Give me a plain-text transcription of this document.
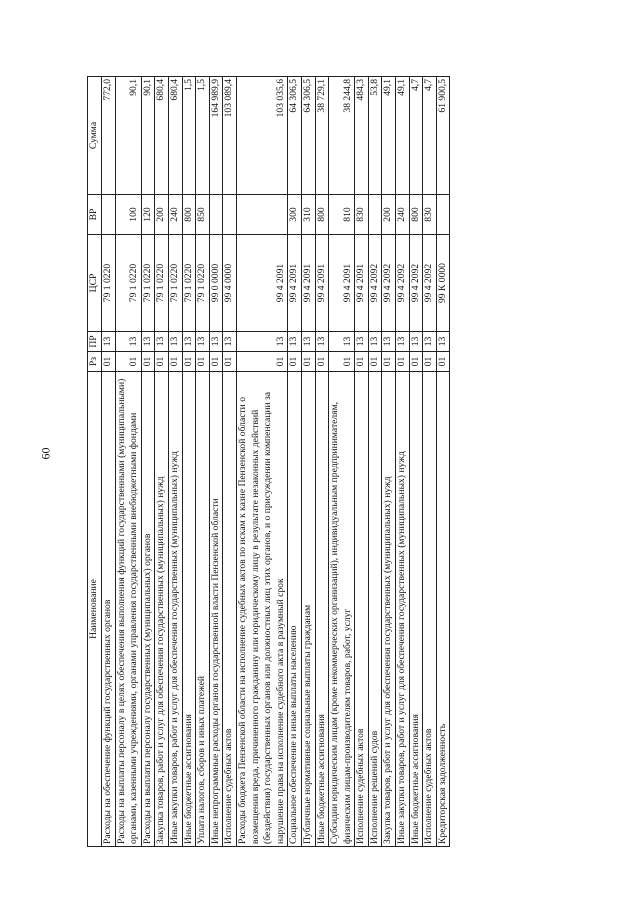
60
Наименование	Рз	ПР	ЦСР	ВР	Сумма
Расходы на обеспечение функций государственных органов	01	13	79 1 0220		772,0
Расходы на выплаты персоналу в целях обеспечения выполнения функций государственными (муниципальными) органами, казенными учреждениями, органами управления государственными внебюджетными фондами	01	13	79 1 0220	100	90,1
Расходы на выплаты персоналу государственных (муниципальных) органов	01	13	79 1 0220	120	90,1
Закупка товаров, работ и услуг для обеспечения государственных (муниципальных) нужд	01	13	79 1 0220	200	680,4
Иные закупки товаров, работ и услуг для обеспечения государственных (муниципальных) нужд	01	13	79 1 0220	240	680,4
Иные бюджетные ассигнования	01	13	79 1 0220	800	1,5
Уплата налогов, сборов и иных платежей	01	13	79 1 0220	850	1,5
Иные непрограммные расходы органов государственной власти Пензенской области	01	13	99 0 0000		164 989,9
Исполнение судебных актов	01	13	99 4 0000		103 089,4
Расходы бюджета Пензенской области на исполнение судебных актов по искам к казне Пензенской области о возмещении вреда, причиненного гражданину или юридическому лицу в результате незаконных действий (бездействия) государственных органов или должностных лиц этих органов, и о присуждении компенсации за нарушение права на исполнение судебного акта в разумный срок	01	13	99 4 2091		103 035,6
Социальное обеспечение и иные выплаты населению	01	13	99 4 2091	300	64 306,5
Публичные нормативные социальные выплаты гражданам	01	13	99 4 2091	310	64 306,5
Иные бюджетные ассигнования	01	13	99 4 2091	800	38 729,1
Субсидии юридическим лицам (кроме некоммерческих организаций), индивидуальным предпринимателям, физическим лицам-производителям товаров, работ, услуг	01	13	99 4 2091	810	38 244,8
Исполнение судебных актов	01	13	99 4 2091	830	484,3
Исполнение решений судов	01	13	99 4 2092		53,8
Закупка товаров, работ и услуг для обеспечения государственных (муниципальных) нужд	01	13	99 4 2092	200	49,1
Иные закупки товаров, работ и услуг для обеспечения государственных (муниципальных) нужд	01	13	99 4 2092	240	49,1
Иные бюджетные ассигнования	01	13	99 4 2092	800	4,7
Исполнение судебных актов	01	13	99 4 2092	830	4,7
Кредиторская задолженность	01	13	99 К 0000		61 900,5
